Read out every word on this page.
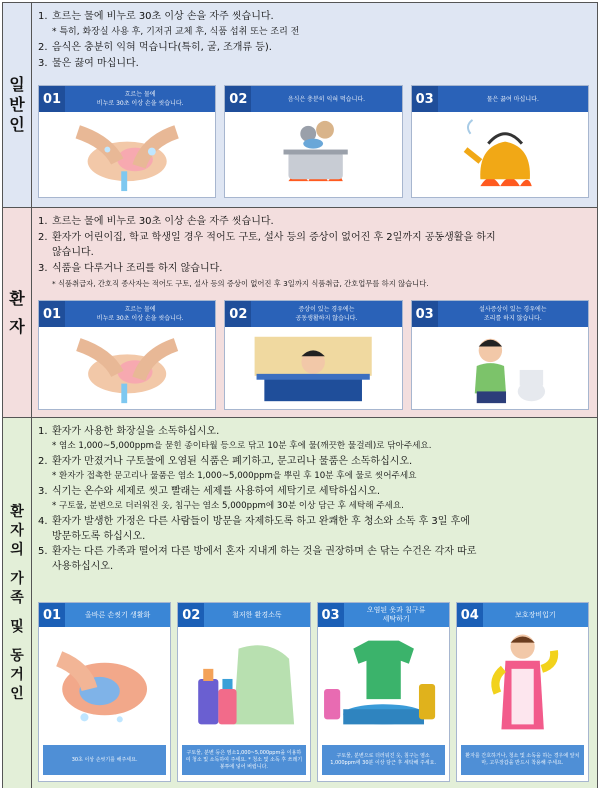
일
반
인
1. 흐르는 물에 비누로 30초 이상 손을 자주 씻습니다.
* 특히, 화장실 사용 후, 기저귀 교체 후, 식품 섭취 또는 조리 전
2. 음식은 충분히 익혀 먹습니다(특히, 굴, 조개류 등).
3. 물은 끓여 마십니다.
01	흐르는 물에
비누로 30초 이상 손을 씻습니다.	02	음식은 충분히 익혀 먹습니다.	03	물은 끓여 마십니다.
환
자
1. 흐르는 물에 비누로 30초 이상 손을 자주 씻습니다.
2. 환자가 어린이집, 학교 학생일 경우 적어도 구토, 설사 등의 증상이 없어진 후 2일까지 공동생활을 하지
않습니다.
3. 식품을 다루거나 조리를 하지 않습니다.
* 식품취급자, 간호직 종사자는 적어도 구토, 설사 등의 증상이 없어진 후 3일까지 식품취급, 간호업무를 하지 않습니다.
01	흐르는 물에
비누로 30초 이상 손을 씻습니다.	02	증상이 있는 경우에는
공동생활하지 않습니다.	03	설사증상이 있는 경우에는
조리를 하지 않습니다.
환
자
의
가
족
및
동
거
인
1. 환자가 사용한 화장실을 소독하십시오.
* 염소 1,000~5,000ppm을 묻힌 종이타월 등으로 닦고 10분 후에 물(깨끗한 물걸레)로 닦아주세요.
2. 환자가 만졌거나 구토물에 오염된 식품은 폐기하고, 문고리나 물품은 소독하십시오.
* 환자가 접촉한 문고리나 물품은 염소 1,000~5,000ppm을 뿌린 후 10분 후에 물로 씻어주세요
3. 식기는 온수와 세제로 씻고 빨래는 세제를 사용하여 세탁기로 세탁하십시오.
* 구토물, 분변으로 더러워진 옷, 침구는 염소 5,000ppm에 30분 이상 담근 후 세탁해 주세요.
4. 환자가 발생한 가정은 다른 사람들이 방문을 자제하도록 하고 완쾌한 후 청소와 소독 후 3일 후에
방문하도록 하십시오.
5. 환자는 다른 가족과 떨어져 다른 방에서 혼자 지내게 하는 것을 권장하며 손 닦는 수건은 각자 따로
사용하십시오.
01	올바른 손씻기 생활화
30초 이상 손씻기를 해주세요.
02	철저한 환경소독
구토물, 분변 등은 염소1,000~5,000ppm을 이용하여 청소 및 소독하여 주세요. * 청소 및 소독 후 쓰레기봉투에 넣어 버립니다.
03	오염된 옷과 침구류
세탁하기
구토물, 분변으로 더러워진 옷, 침구는 염소1,000ppm에 30분 이상 담근 후 세탁해 주세요.
04	보호장비입기
환자를 간호하거나, 청소 및 소독을 하는 경우에 앞치마, 고무장갑을 반드시 착용해 주세요.
